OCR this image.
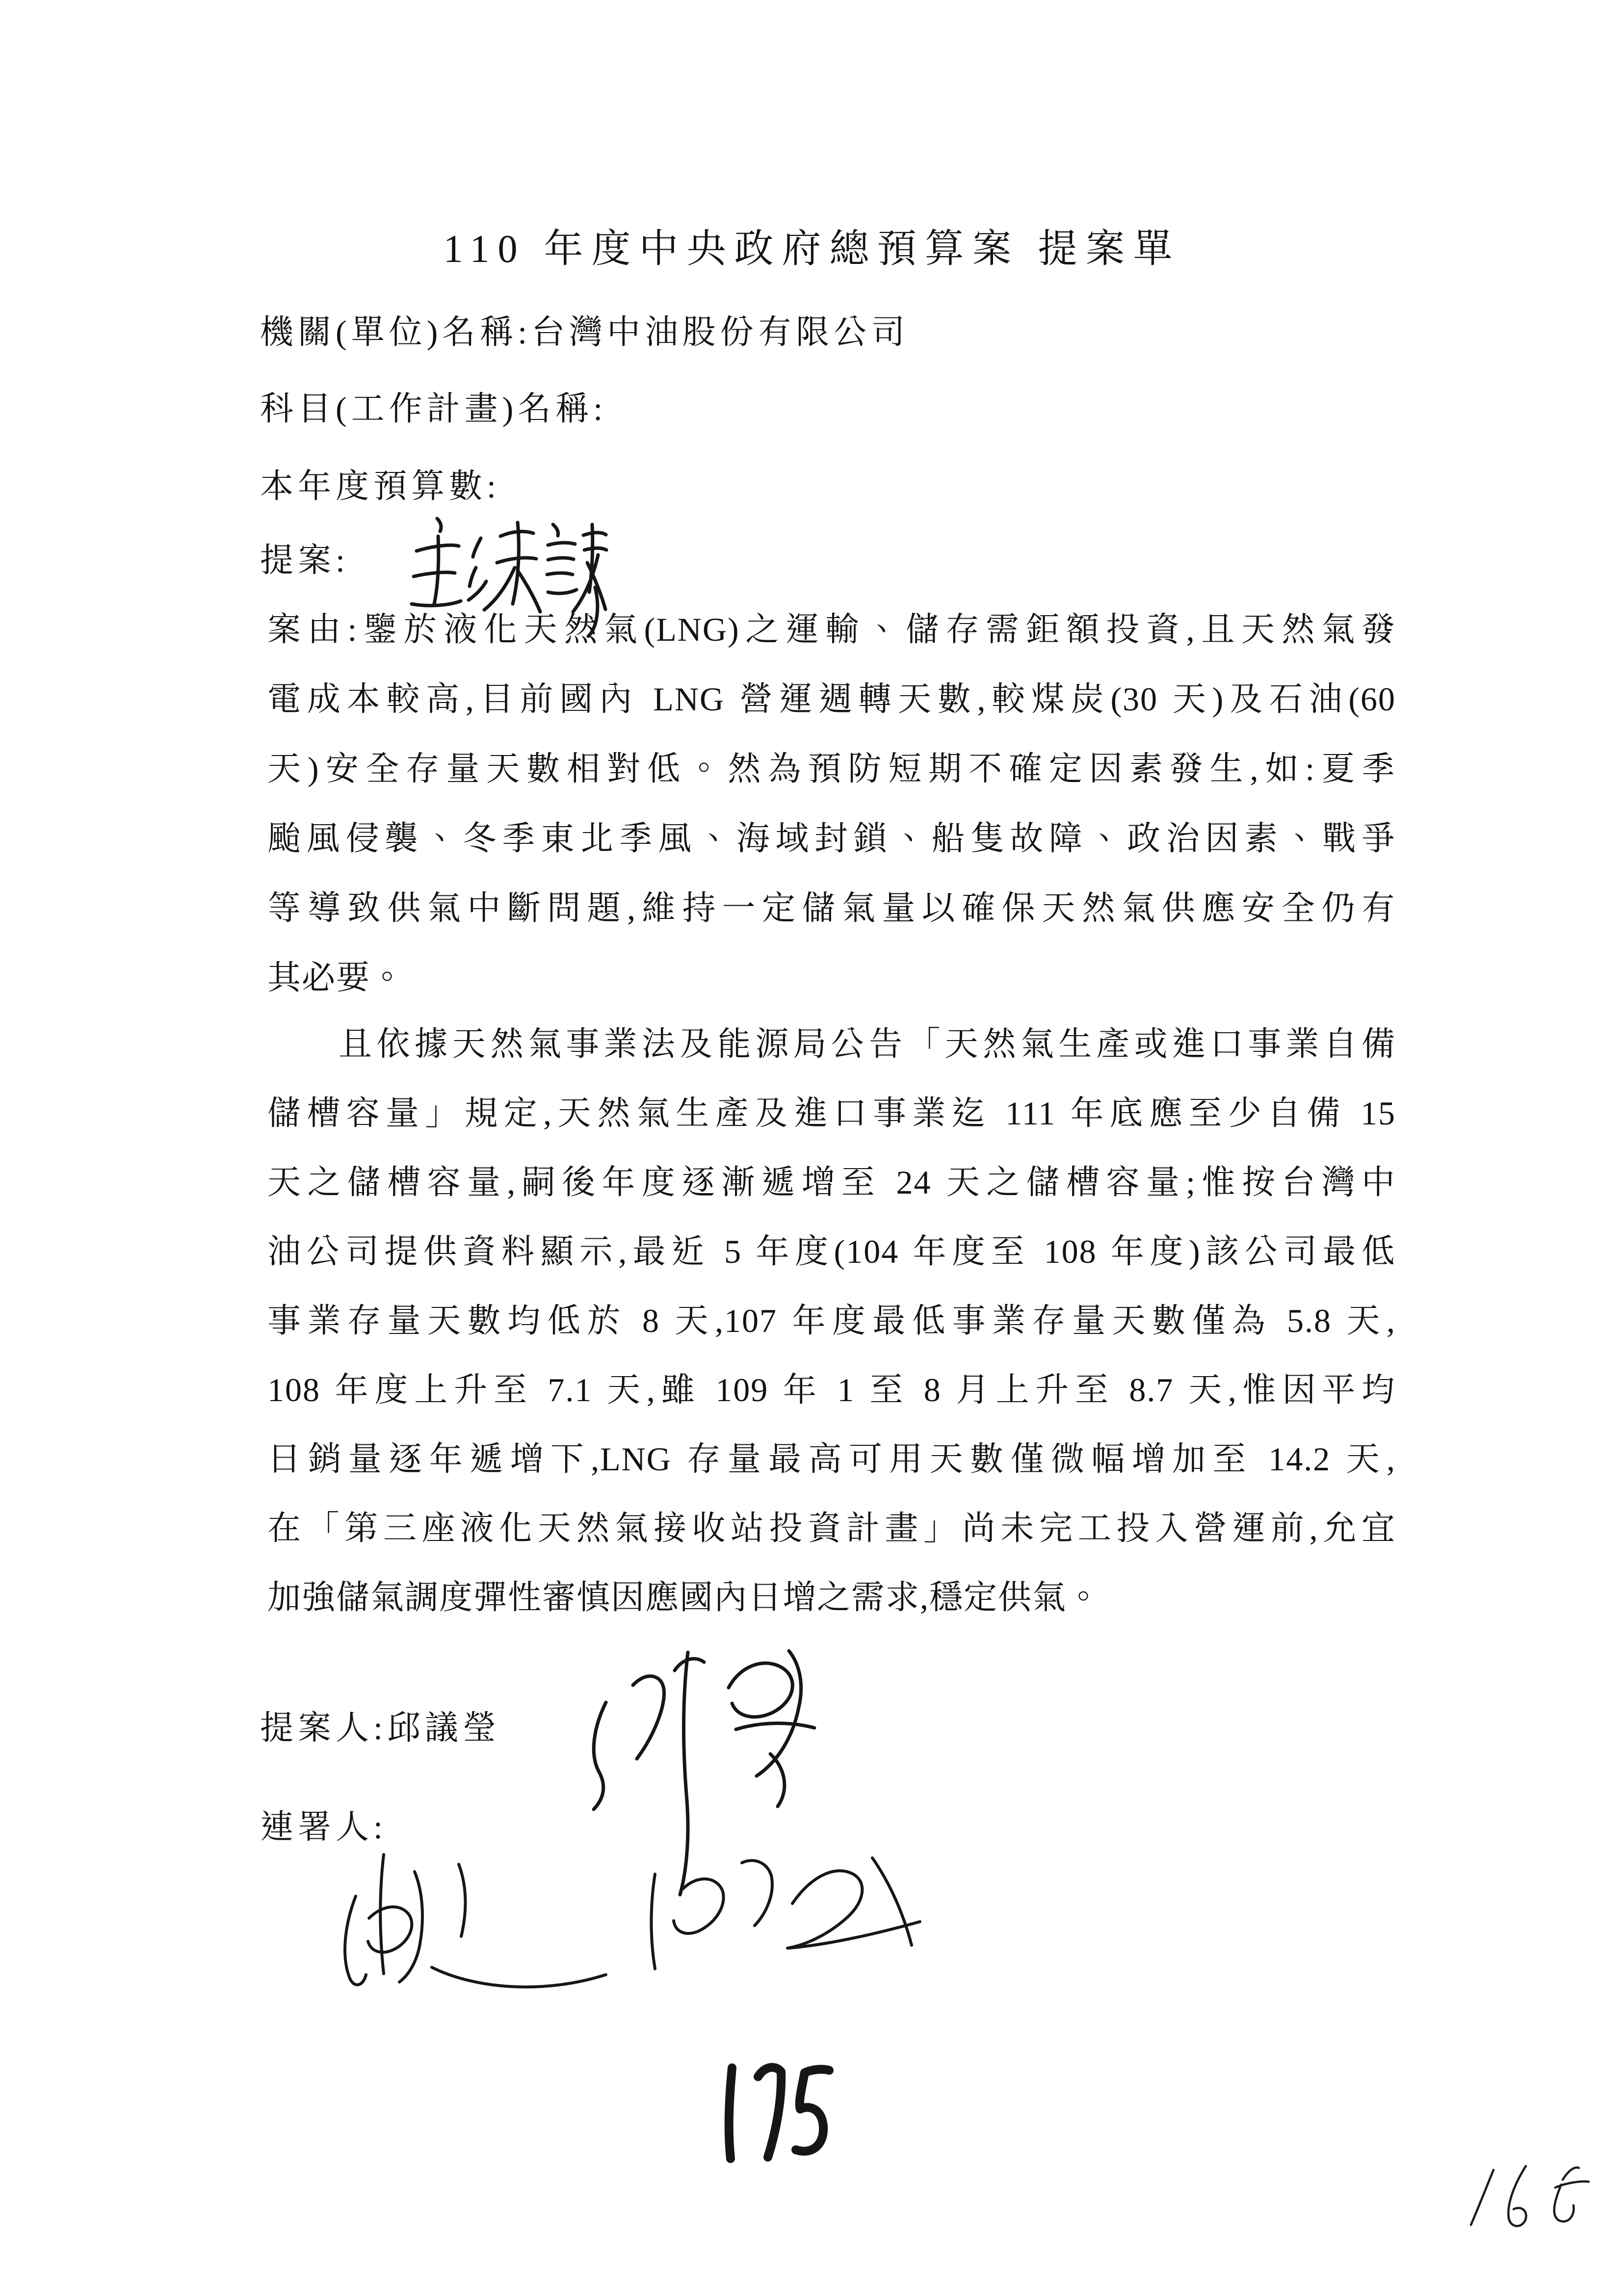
110 年度中央政府總預算案 提案單
機關(單位)名稱:台灣中油股份有限公司
科目(工作計畫)名稱:
本年度預算數:
提案:
案由:鑒於液化天然氣(LNG)之運輸、儲存需鉅額投資,且天然氣發
電成本較高,目前國內 LNG 營運週轉天數,較煤炭(30 天)及石油(60
天)安全存量天數相對低。然為預防短期不確定因素發生,如:夏季
颱風侵襲、冬季東北季風、海域封鎖、船隻故障、政治因素、戰爭
等導致供氣中斷問題,維持一定儲氣量以確保天然氣供應安全仍有
其必要。
且依據天然氣事業法及能源局公告「天然氣生產或進口事業自備
儲槽容量」規定,天然氣生產及進口事業迄 111 年底應至少自備 15
天之儲槽容量,嗣後年度逐漸遞增至 24 天之儲槽容量;惟按台灣中
油公司提供資料顯示,最近 5 年度(104 年度至 108 年度)該公司最低
事業存量天數均低於 8 天,107 年度最低事業存量天數僅為 5.8 天,
108 年度上升至 7.1 天,雖 109 年 1 至 8 月上升至 8.7 天,惟因平均
日銷量逐年遞增下,LNG 存量最高可用天數僅微幅增加至 14.2 天,
在「第三座液化天然氣接收站投資計畫」尚未完工投入營運前,允宜
加強儲氣調度彈性審慎因應國內日增之需求,穩定供氣。
提案人:邱議瑩
連署人:
